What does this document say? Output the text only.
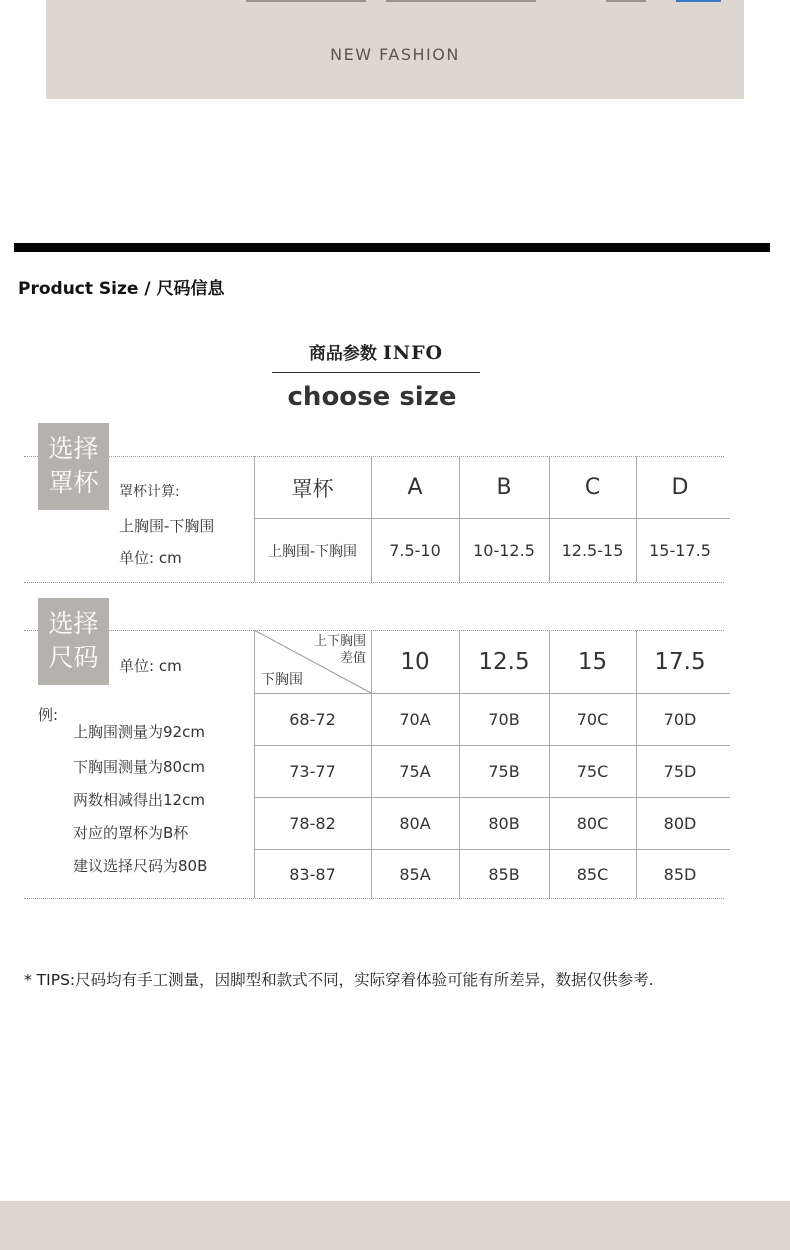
NEW FASHION
Product Size / 尺码信息
商品参数 INFO
choose size
选择
罩杯	罩杯计算:
上胸围-下胸围
单位: cm
罩杯	A	B	C	D
上胸围-下胸围	7.5-10	10-12.5	12.5-15	15-17.5
选择
尺码	单位: cm
上下胸围
差值
下胸围
10	12.5	15	17.5
68-72	70A	70B	70C	70D
73-77	75A	75B	75C	75D
78-82	80A	80B	80C	80D
83-87	85A	85B	85C	85D
例:
上胸围测量为92cm
下胸围测量为80cm
两数相减得出12cm
对应的罩杯为B杯
建议选择尺码为80B
* TIPS:尺码均有手工测量，因脚型和款式不同，实际穿着体验可能有所差异，数据仅供参考.
